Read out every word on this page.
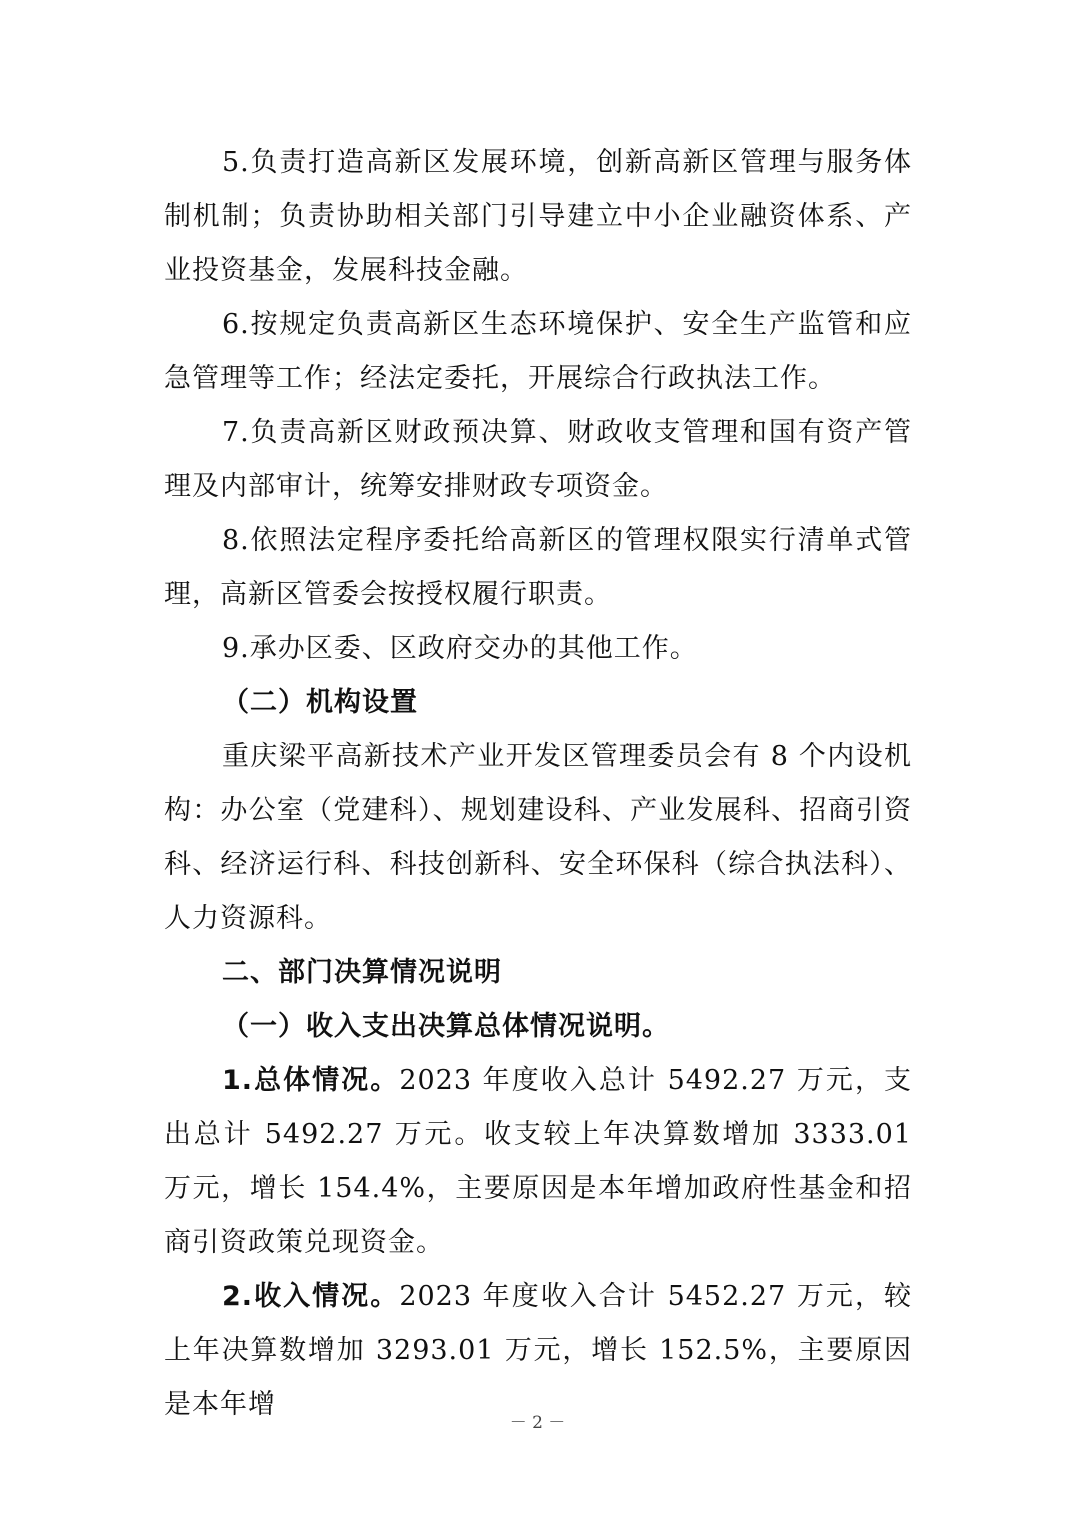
5.负责打造高新区发展环境，创新高新区管理与服务体制机制；负责协助相关部门引导建立中小企业融资体系、产业投资基金，发展科技金融。

6.按规定负责高新区生态环境保护、安全生产监管和应急管理等工作；经法定委托，开展综合行政执法工作。

7.负责高新区财政预决算、财政收支管理和国有资产管理及内部审计，统筹安排财政专项资金。

8.依照法定程序委托给高新区的管理权限实行清单式管理，高新区管委会按授权履行职责。

9.承办区委、区政府交办的其他工作。

（二）机构设置

重庆梁平高新技术产业开发区管理委员会有 8 个内设机构：办公室（党建科）、规划建设科、产业发展科、招商引资科、经济运行科、科技创新科、安全环保科（综合执法科）、人力资源科。

二、部门决算情况说明

（一）收入支出决算总体情况说明。

1.总体情况。2023 年度收入总计 5492.27 万元，支出总计 5492.27 万元。收支较上年决算数增加 3333.01 万元，增长 154.4%，主要原因是本年增加政府性基金和招商引资政策兑现资金。

2.收入情况。2023 年度收入合计 5452.27 万元，较上年决算数增加 3293.01 万元，增长 152.5%，主要原因是本年增

－ 2 －
